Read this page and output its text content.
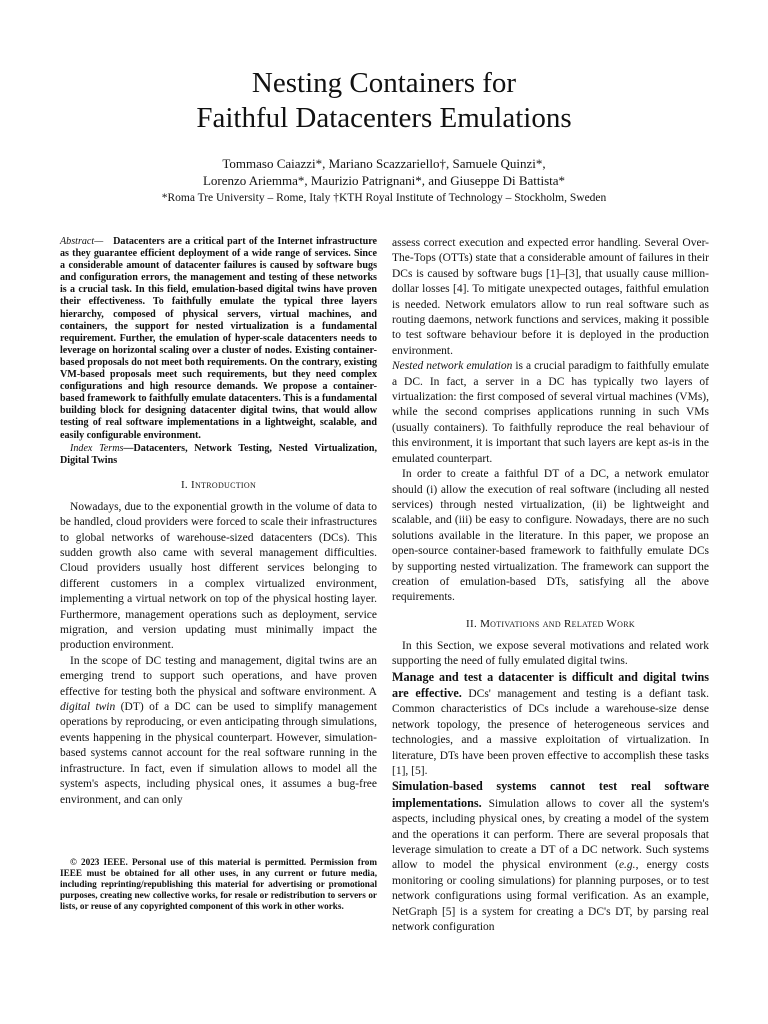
Nesting Containers for
Faithful Datacenters Emulations
Tommaso Caiazzi*, Mariano Scazzariello†, Samuele Quinzi*,
Lorenzo Ariemma*, Maurizio Patrignani*, and Giuseppe Di Battista*
*Roma Tre University – Rome, Italy †KTH Royal Institute of Technology – Stockholm, Sweden
Abstract— Datacenters are a critical part of the Internet infrastructure as they guarantee efficient deployment of a wide range of services. Since a considerable amount of datacenter failures is caused by software bugs and configuration errors, the management and testing of these networks is a crucial task. In this field, emulation-based digital twins have proven their effectiveness. To faithfully emulate the typical three layers hierarchy, composed of physical servers, virtual machines, and containers, the support for nested virtualization is a fundamental requirement. Further, the emulation of hyper-scale datacenters needs to leverage on horizontal scaling over a cluster of nodes. Existing container-based proposals do not meet both requirements. On the contrary, existing VM-based proposals meet such requirements, but they need complex configurations and high resource demands. We propose a container-based framework to faithfully emulate datacenters. This is a fundamental building block for designing datacenter digital twins, that would allow testing of real software implementations in a lightweight, scalable, and easily configurable environment.
Index Terms—Datacenters, Network Testing, Nested Virtualization, Digital Twins
I. Introduction

Nowadays, due to the exponential growth in the volume of data to be handled, cloud providers were forced to scale their infrastructures to global networks of warehouse-sized datacenters (DCs). This sudden growth also came with several management difficulties. Cloud providers usually host different services belonging to different customers in a complex virtualized environment, implementing a virtual network on top of the physical hosting layer. Furthermore, management operations such as deployment, service migration, and version updating must minimally impact the production environment.

In the scope of DC testing and management, digital twins are an emerging trend to support such operations, and have proven effective for testing both the physical and software environment. A digital twin (DT) of a DC can be used to simplify management operations by reproducing, or even anticipating through simulations, events happening in the physical counterpart. However, simulation-based systems cannot account for the real software running in the infrastructure. In fact, even if simulation allows to model all the system's aspects, including physical ones, it assumes a bug-free environment, and can only

© 2023 IEEE. Personal use of this material is permitted. Permission from IEEE must be obtained for all other uses, in any current or future media, including reprinting/republishing this material for advertising or promotional purposes, creating new collective works, for resale or redistribution to servers or lists, or reuse of any copyrighted component of this work in other works.

assess correct execution and expected error handling. Several Over-The-Tops (OTTs) state that a considerable amount of failures in their DCs is caused by software bugs [1]–[3], that usually cause million-dollar losses [4]. To mitigate unexpected outages, faithful emulation is needed. Network emulators allow to run real software such as routing daemons, network functions and services, making it possible to test software behaviour before it is deployed in the production environment.

Nested network emulation is a crucial paradigm to faithfully emulate a DC. In fact, a server in a DC has typically two layers of virtualization: the first composed of several virtual machines (VMs), while the second comprises applications running in such VMs (usually containers). To faithfully reproduce the real behaviour of this environment, it is important that such layers are kept as-is in the emulated counterpart.

In order to create a faithful DT of a DC, a network emulator should (i) allow the execution of real software (including all nested services) through nested virtualization, (ii) be lightweight and scalable, and (iii) be easy to configure. Nowadays, there are no such solutions available in the literature. In this paper, we propose an open-source container-based framework to faithfully emulate DCs by supporting nested virtualization. The framework can support the creation of emulation-based DTs, satisfying all the above requirements.

II. Motivations and Related Work

In this Section, we expose several motivations and related work supporting the need of fully emulated digital twins.

Manage and test a datacenter is difficult and digital twins are effective. DCs' management and testing is a defiant task. Common characteristics of DCs include a warehouse-size dense network topology, the presence of heterogeneous services and technologies, and a massive exploitation of virtualization. In literature, DTs have been proven effective to accomplish these tasks [1], [5].

Simulation-based systems cannot test real software implementations. Simulation allows to cover all the system's aspects, including physical ones, by creating a model of the system and the operations it can perform. There are several proposals that leverage simulation to create a DT of a DC network. Such systems allow to model the physical environment (e.g., energy costs monitoring or cooling simulations) for planning purposes, or to test network configurations using formal verification. As an example, NetGraph [5] is a system for creating a DC's DT, by parsing real network configuration
